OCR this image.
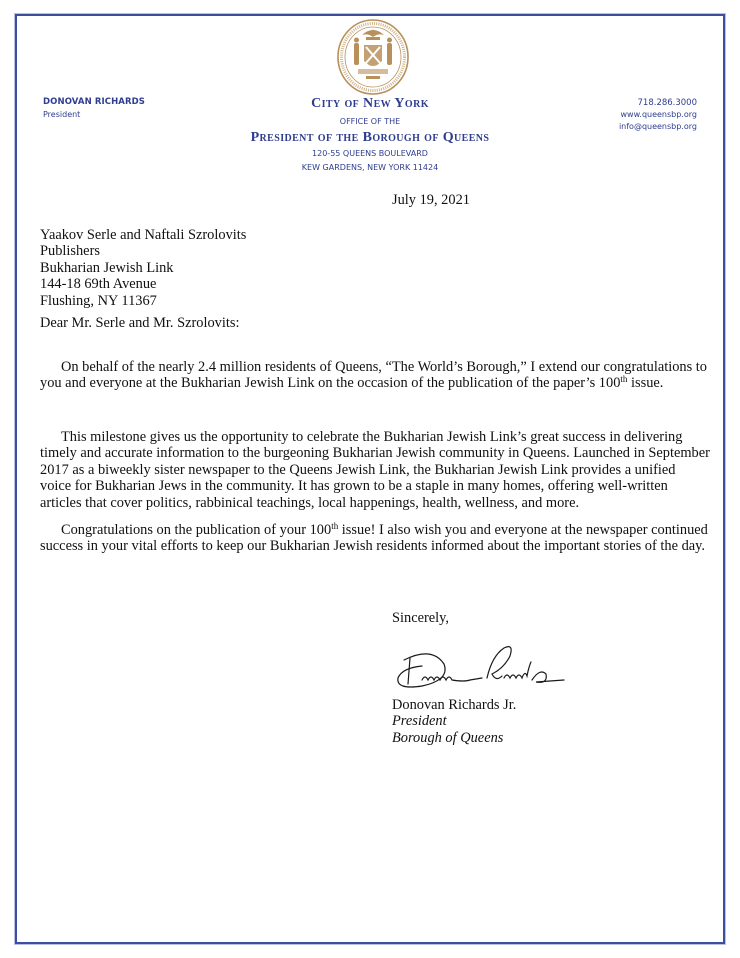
DONOVAN RICHARDS
President
City of New York
OFFICE OF THE
President of the Borough of Queens
120-55 QUEENS BOULEVARD
KEW GARDENS, NEW YORK 11424
718.286.3000
www.queensbp.org
info@queensbp.org
July 19, 2021
Yaakov Serle and Naftali Szrolovits
Publishers
Bukharian Jewish Link
144-18 69th Avenue
Flushing, NY 11367
Dear Mr. Serle and Mr. Szrolovits:

On behalf of the nearly 2.4 million residents of Queens, “The World’s Borough,” I extend our congratulations to you and everyone at the Bukharian Jewish Link on the occasion of the publication of the paper’s 100th issue.

This milestone gives us the opportunity to celebrate the Bukharian Jewish Link’s great success in delivering timely and accurate information to the burgeoning Bukharian Jewish community in Queens. Launched in September 2017 as a biweekly sister newspaper to the Queens Jewish Link, the Bukharian Jewish Link provides a unified voice for Bukharian Jews in the community. It has grown to be a staple in many homes, offering well-written articles that cover politics, rabbinical teachings, local happenings, health, wellness, and more.

Congratulations on the publication of your 100th issue! I also wish you and everyone at the newspaper continued success in your vital efforts to keep our Bukharian Jewish residents informed about the important stories of the day.

Sincerely,
Donovan Richards Jr.
President
Borough of Queens
